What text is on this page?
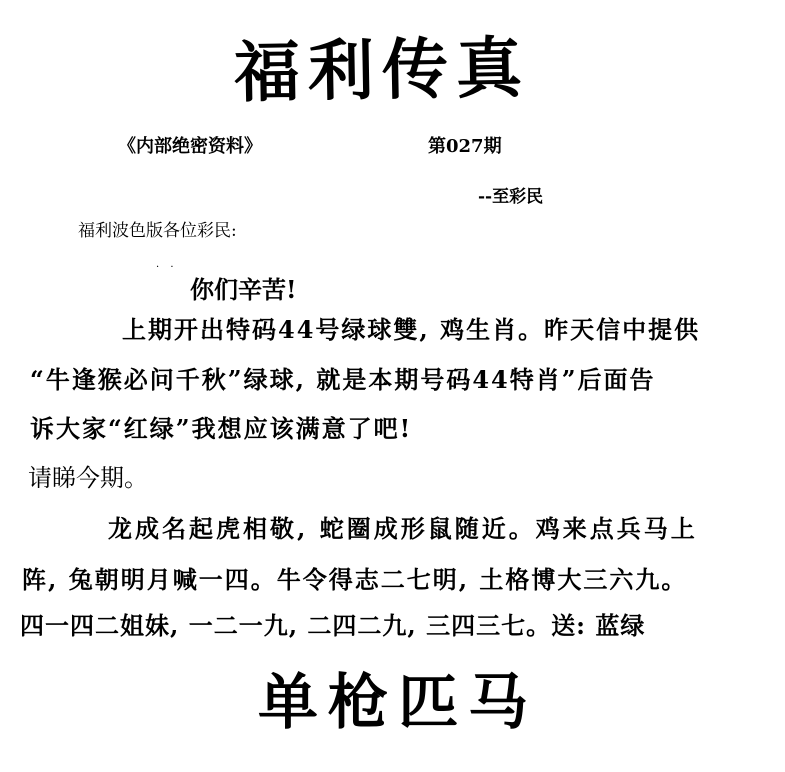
福利传真
《内部绝密资料》	第027期
--至彩民
福利波色版各位彩民:
· ·
你们辛苦!
上期开出特码44号绿球雙, 鸡生肖。昨天信中提供
“牛逢猴必问千秋”绿球, 就是本期号码44特肖”后面告
诉大家“红绿”我想应该满意了吧!
请睇今期。
龙成名起虎相敬, 蛇圈成形鼠随近。鸡来点兵马上
阵, 兔朝明月喊一四。牛令得志二七明, 土格博大三六九。
四一四二姐妹, 一二一九, 二四二九, 三四三七。送: 蓝绿
单枪匹马
